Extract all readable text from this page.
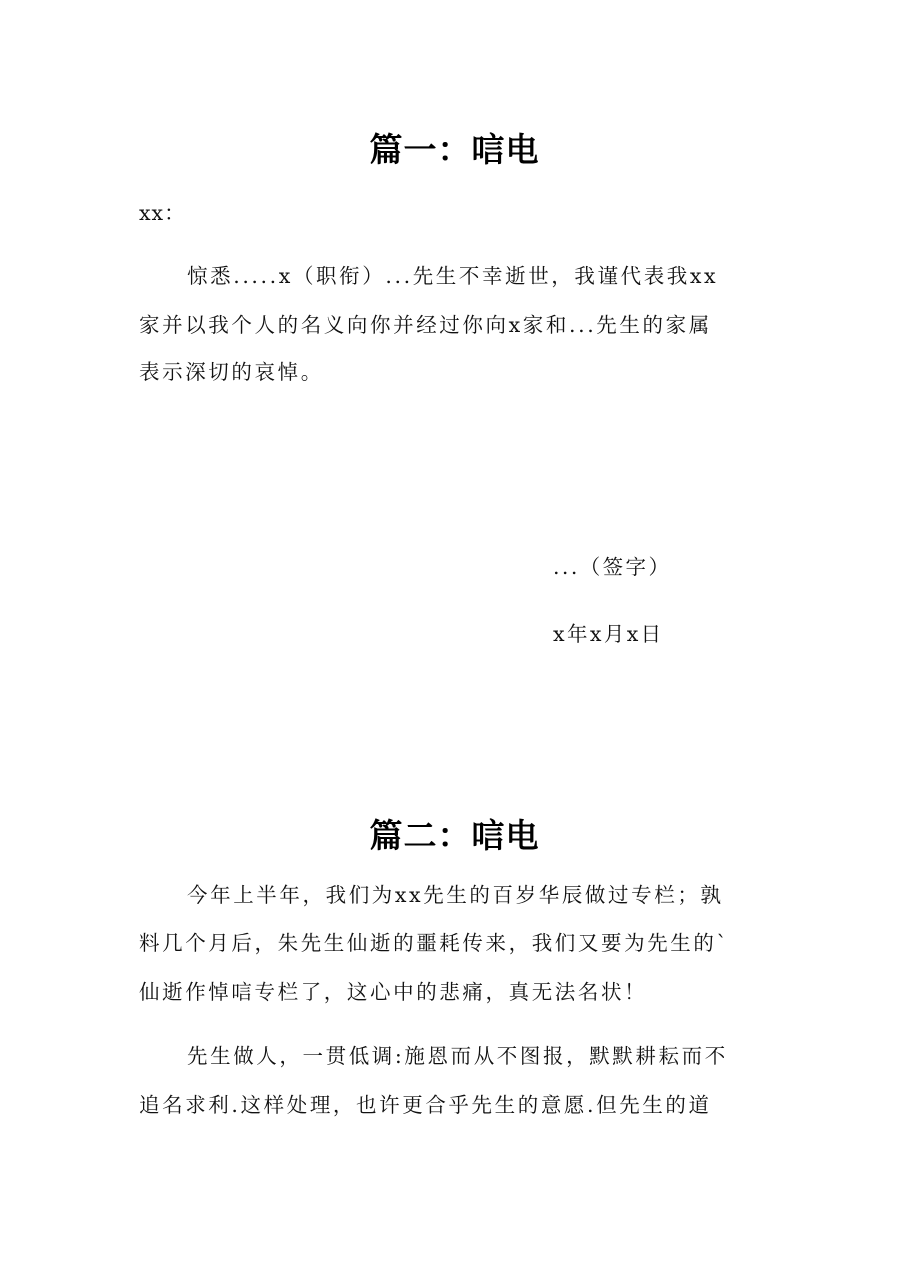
篇一：唁电
xx：
惊悉.....x（职衔）...先生不幸逝世，我谨代表我xx
家并以我个人的名义向你并经过你向x家和...先生的家属
表示深切的哀悼。
...（签字）
x年x月x日
篇二：唁电
今年上半年，我们为xx先生的百岁华辰做过专栏；孰
料几个月后，朱先生仙逝的噩耗传来，我们又要为先生的`
仙逝作悼唁专栏了，这心中的悲痛，真无法名状！
先生做人，一贯低调:施恩而从不图报，默默耕耘而不
追名求利.这样处理，也许更合乎先生的意愿.但先生的道
